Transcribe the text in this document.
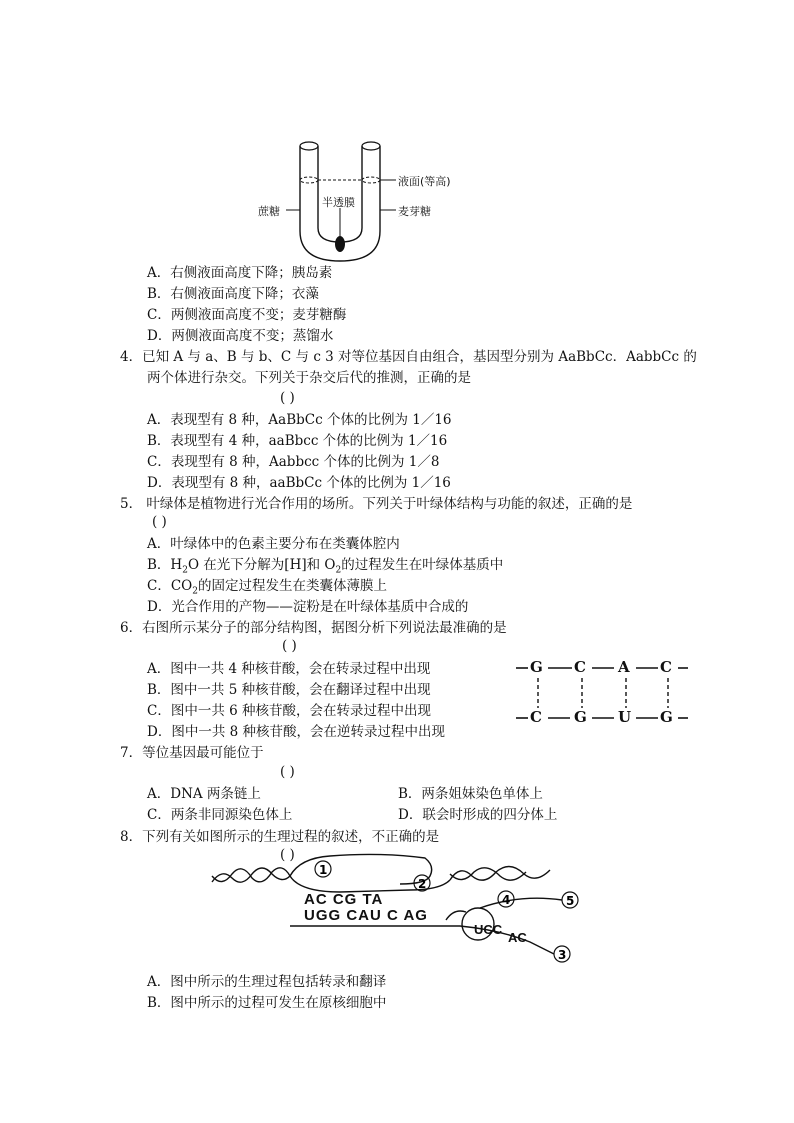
蔗糖
半透膜
液面(等高)
麦芽糖
A．右侧液面高度下降；胰岛素
B．右侧液面高度下降；衣藻
C．两侧液面高度不变；麦芽糖酶
D．两侧液面高度不变；蒸馏水
4．已知 A 与 a、B 与 b、C 与 c 3 对等位基因自由组合，基因型分别为 AaBbCc．AabbCc 的
两个体进行杂交。下列关于杂交后代的推测，正确的是
( )
A．表现型有 8 种，AaBbCc 个体的比例为 1／16
B．表现型有 4 种，aaBbcc 个体的比例为 1／16
C．表现型有 8 种，Aabbcc 个体的比例为 1／8
D．表现型有 8 种，aaBbCc 个体的比例为 1／16
5． 叶绿体是植物进行光合作用的场所。下列关于叶绿体结构与功能的叙述，正确的是
( )
A．叶绿体中的色素主要分布在类囊体腔内
B．$H_2O$ 在光下分解为[H]和 $O_2$的过程发生在叶绿体基质中
C．$CO_2$的固定过程发生在类囊体薄膜上
D．光合作用的产物——淀粉是在叶绿体基质中合成的
6．右图所示某分子的部分结构图，据图分析下列说法最准确的是
( )
A．图中一共 4 种核苷酸，会在转录过程中出现
B．图中一共 5 种核苷酸，会在翻译过程中出现
C．图中一共 6 种核苷酸，会在转录过程中出现
D．图中一共 8 种核苷酸，会在逆转录过程中出现
G C A C
C G U G
7．等位基因最可能位于
( )
A．DNA 两条链上	B．两条姐妹染色单体上
C．两条非同源染色体上	D．联会时形成的四分体上
8．下列有关如图所示的生理过程的叙述，不正确的是
( )
1
2
3
4	5
AC CG TA
UGG CAU C AG
UCC
AC
A．图中所示的生理过程包括转录和翻译
B．图中所示的过程可发生在原核细胞中
